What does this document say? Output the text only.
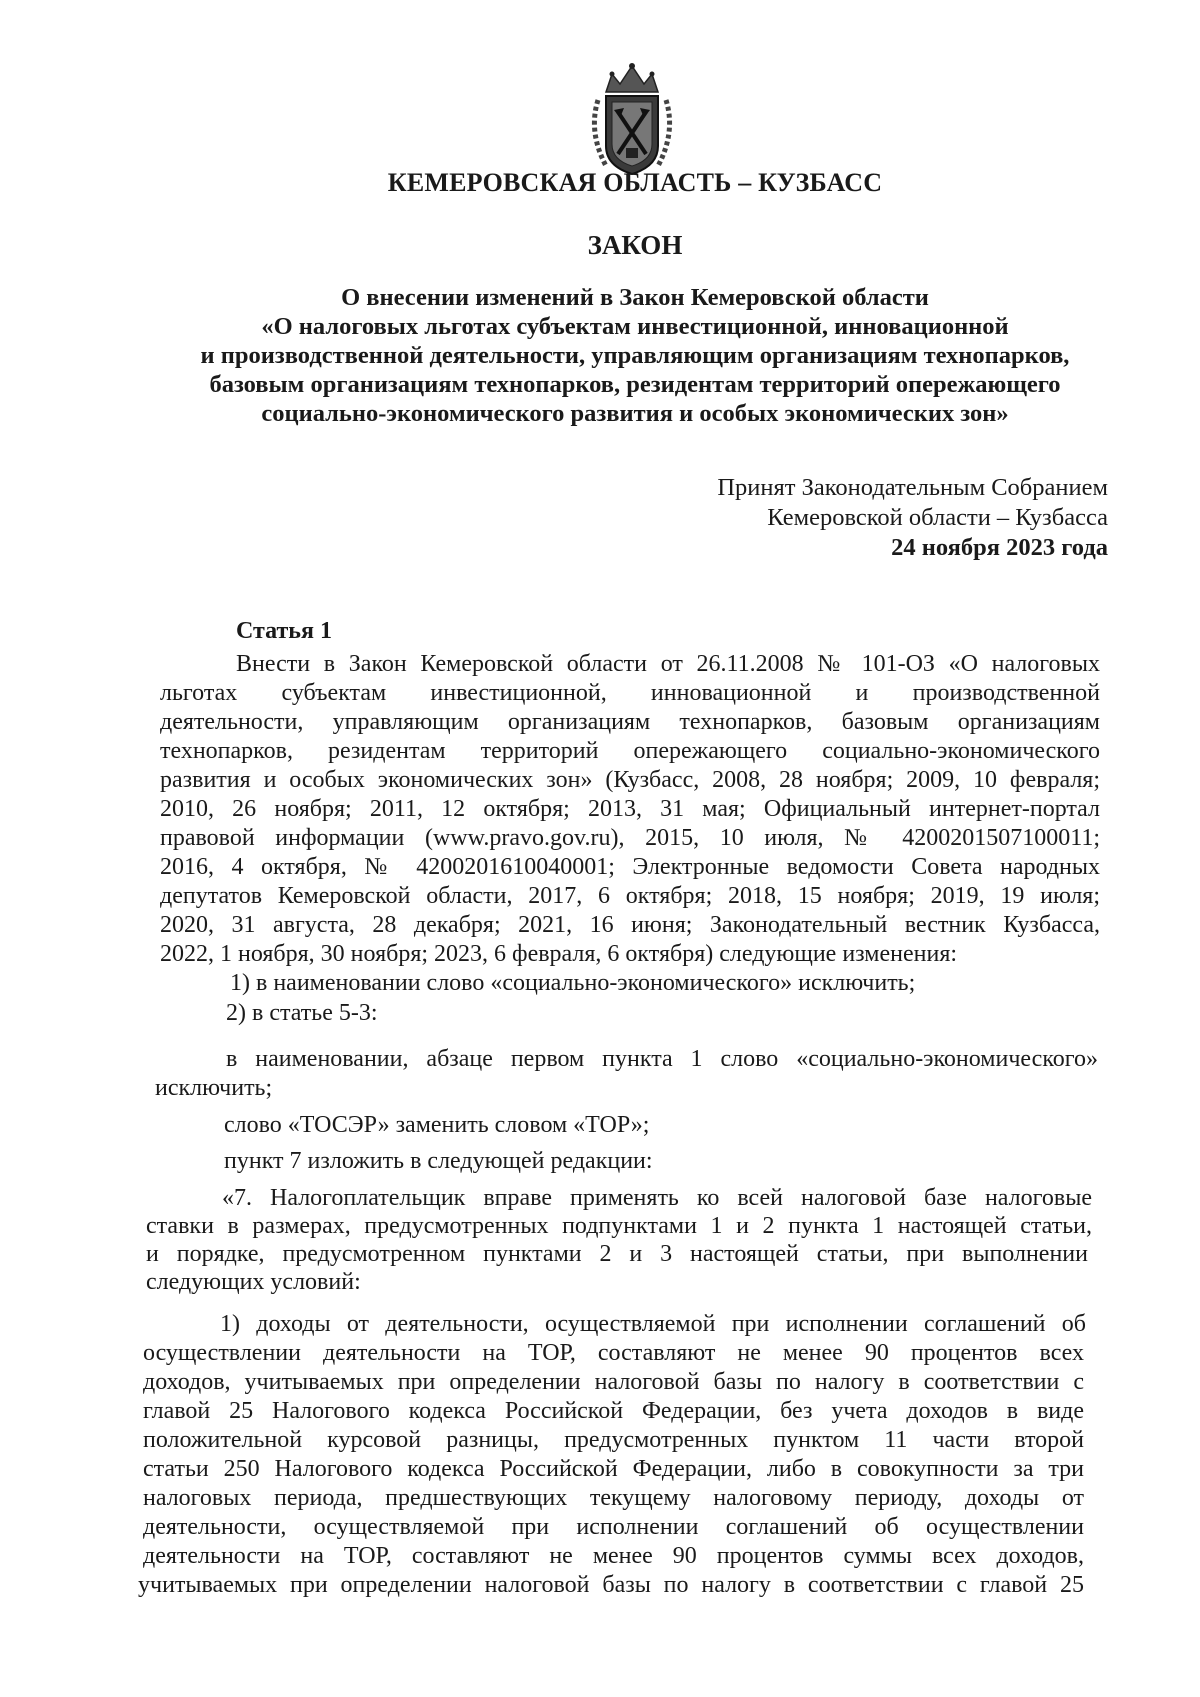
КЕМЕРОВСКАЯ ОБЛАСТЬ – КУЗБАСС
ЗАКОН
О внесении изменений в Закон Кемеровской области
«О налоговых льготах субъектам инвестиционной, инновационной
и производственной деятельности, управляющим организациям технопарков,
базовым организациям технопарков, резидентам территорий опережающего
социально-экономического развития и особых экономических зон»
Принят Законодательным Собранием
Кемеровской области – Кузбасса
24 ноября 2023 года
Статья 1
Внести в Закон Кемеровской области от 26.11.2008 № 101-ОЗ «О налоговых
льготах субъектам инвестиционной, инновационной и производственной
деятельности, управляющим организациям технопарков, базовым организациям
технопарков, резидентам территорий опережающего социально-экономического
развития и особых экономических зон» (Кузбасс, 2008, 28 ноября; 2009, 10 февраля;
2010, 26 ноября; 2011, 12 октября; 2013, 31 мая; Официальный интернет-портал
правовой информации (www.pravo.gov.ru), 2015, 10 июля, № 4200201507100011;
2016, 4 октября, № 4200201610040001; Электронные ведомости Совета народных
депутатов Кемеровской области, 2017, 6 октября; 2018, 15 ноября; 2019, 19 июля;
2020, 31 августа, 28 декабря; 2021, 16 июня; Законодательный вестник Кузбасса,
2022, 1 ноября, 30 ноября; 2023, 6 февраля, 6 октября) следующие изменения:
1) в наименовании слово «социально-экономического» исключить;
2) в статье 5-3:
в наименовании, абзаце первом пункта 1 слово «социально-экономического»
исключить;
слово «ТОСЭР» заменить словом «ТОР»;
пункт 7 изложить в следующей редакции:
«7. Налогоплательщик вправе применять ко всей налоговой базе налоговые
ставки в размерах, предусмотренных подпунктами 1 и 2 пункта 1 настоящей статьи,
и порядке, предусмотренном пунктами 2 и 3 настоящей статьи, при выполнении
следующих условий:
1) доходы от деятельности, осуществляемой при исполнении соглашений об
осуществлении деятельности на ТОР, составляют не менее 90 процентов всех
доходов, учитываемых при определении налоговой базы по налогу в соответствии с
главой 25 Налогового кодекса Российской Федерации, без учета доходов в виде
положительной курсовой разницы, предусмотренных пунктом 11 части второй
статьи 250 Налогового кодекса Российской Федерации, либо в совокупности за три
налоговых периода, предшествующих текущему налоговому периоду, доходы от
деятельности, осуществляемой при исполнении соглашений об осуществлении
деятельности на ТОР, составляют не менее 90 процентов суммы всех доходов,
учитываемых при определении налоговой базы по налогу в соответствии с главой 25
